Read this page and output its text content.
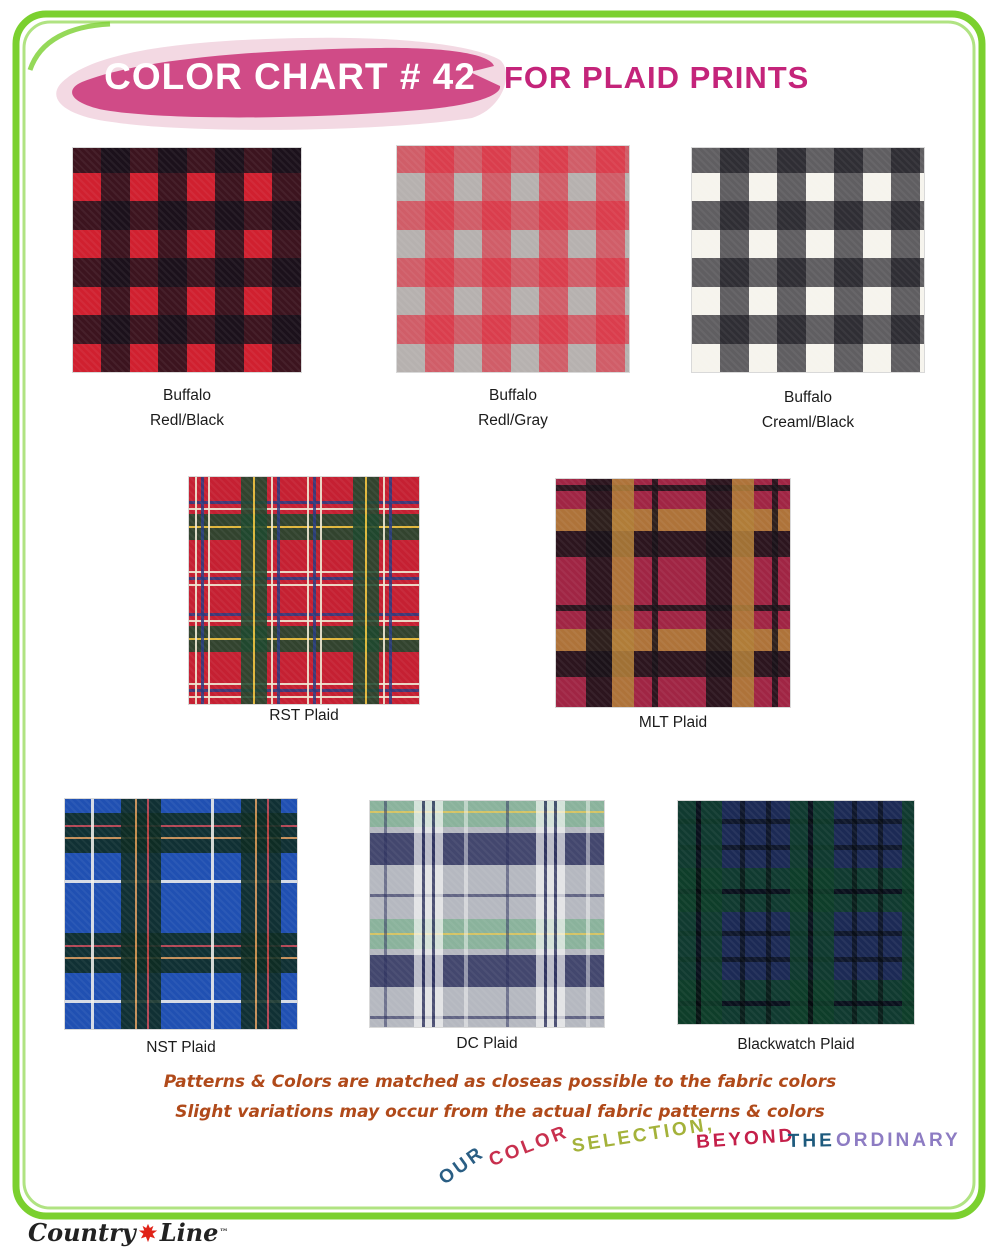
COLOR CHART # 42 FOR PLAID PRINTS
Buffalo
Redl/Black
Buffalo
Redl/Gray
Buffalo
Creaml/Black
RST Plaid	MLT Plaid
NST Plaid	DC Plaid	Blackwatch Plaid
Patterns & Colors are matched as closeas possible to the fabric colors
Slight variations may occur from the actual fabric patterns & colors
OUR
COLOR
SELECTION,
BEYOND
THE ORDINARY
Country Line ™
